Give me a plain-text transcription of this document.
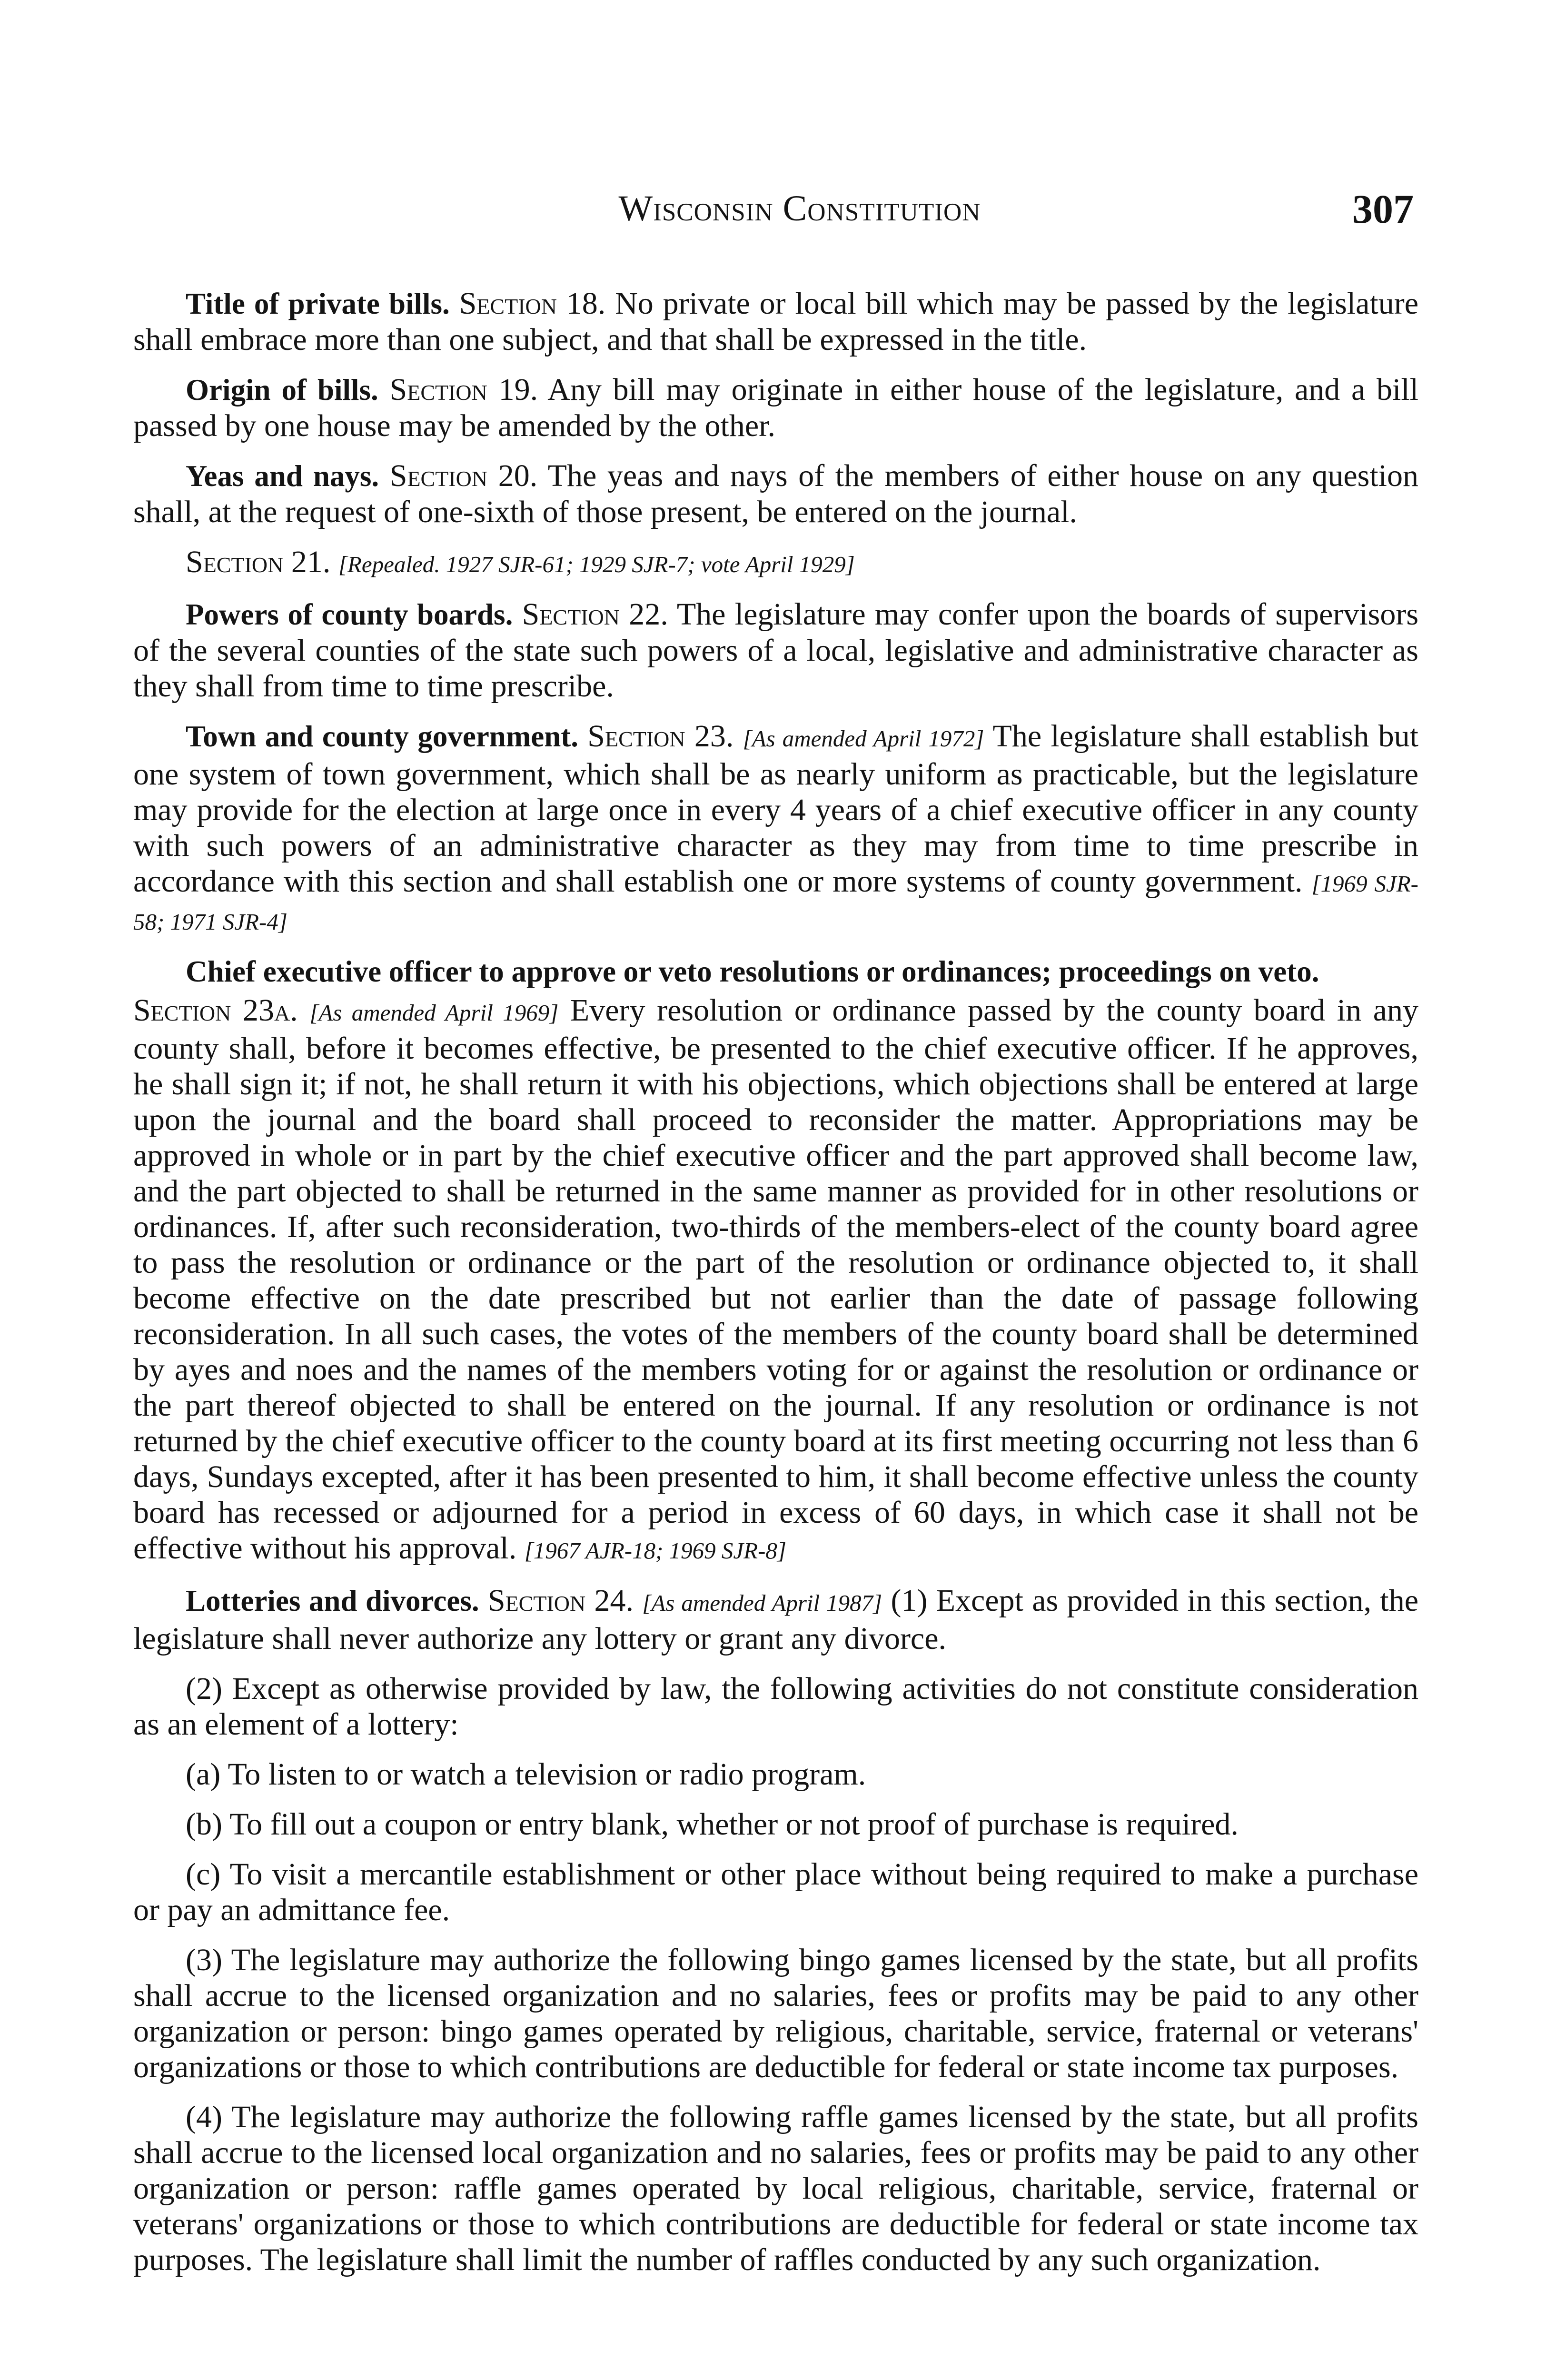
Wisconsin Constitution	307

Title of private bills. Section 18. No private or local bill which may be passed by the legislature shall embrace more than one subject, and that shall be expressed in the title.

Origin of bills. Section 19. Any bill may originate in either house of the legislature, and a bill passed by one house may be amended by the other.

Yeas and nays. Section 20. The yeas and nays of the members of either house on any question shall, at the request of one-sixth of those present, be entered on the journal.

Section 21. [Repealed. 1927 SJR-61; 1929 SJR-7; vote April 1929]

Powers of county boards. Section 22. The legislature may confer upon the boards of supervisors of the several counties of the state such powers of a local, legislative and administrative character as they shall from time to time prescribe.

Town and county government. Section 23. [As amended April 1972] The legislature shall establish but one system of town government, which shall be as nearly uniform as practicable, but the legislature may provide for the election at large once in every 4 years of a chief executive officer in any county with such powers of an administrative character as they may from time to time prescribe in accordance with this section and shall establish one or more systems of county government. [1969 SJR-58; 1971 SJR-4]

Chief executive officer to approve or veto resolutions or ordinances; proceedings on veto.

Section 23a. [As amended April 1969] Every resolution or ordinance passed by the county board in any county shall, before it becomes effective, be presented to the chief executive officer. If he approves, he shall sign it; if not, he shall return it with his objections, which objections shall be entered at large upon the journal and the board shall proceed to reconsider the matter. Appropriations may be approved in whole or in part by the chief executive officer and the part approved shall become law, and the part objected to shall be returned in the same manner as provided for in other resolutions or ordinances. If, after such reconsideration, two-thirds of the members-elect of the county board agree to pass the resolution or ordinance or the part of the resolution or ordinance objected to, it shall become effective on the date prescribed but not earlier than the date of passage following reconsideration. In all such cases, the votes of the members of the county board shall be determined by ayes and noes and the names of the members voting for or against the resolution or ordinance or the part thereof objected to shall be entered on the journal. If any resolution or ordinance is not returned by the chief executive officer to the county board at its first meeting occurring not less than 6 days, Sundays excepted, after it has been presented to him, it shall become effective unless the county board has recessed or adjourned for a period in excess of 60 days, in which case it shall not be effective without his approval. [1967 AJR-18; 1969 SJR-8]

Lotteries and divorces. Section 24. [As amended April 1987] (1) Except as provided in this section, the legislature shall never authorize any lottery or grant any divorce.

(2) Except as otherwise provided by law, the following activities do not constitute consideration as an element of a lottery:

(a) To listen to or watch a television or radio program.

(b) To fill out a coupon or entry blank, whether or not proof of purchase is required.

(c) To visit a mercantile establishment or other place without being required to make a purchase or pay an admittance fee.

(3) The legislature may authorize the following bingo games licensed by the state, but all profits shall accrue to the licensed organization and no salaries, fees or profits may be paid to any other organization or person: bingo games operated by religious, charitable, service, fraternal or veterans' organizations or those to which contributions are deductible for federal or state income tax purposes.

(4) The legislature may authorize the following raffle games licensed by the state, but all profits shall accrue to the licensed local organization and no salaries, fees or profits may be paid to any other organization or person: raffle games operated by local religious, charitable, service, fraternal or veterans' organizations or those to which contributions are deductible for federal or state income tax purposes. The legislature shall limit the number of raffles conducted by any such organization.
